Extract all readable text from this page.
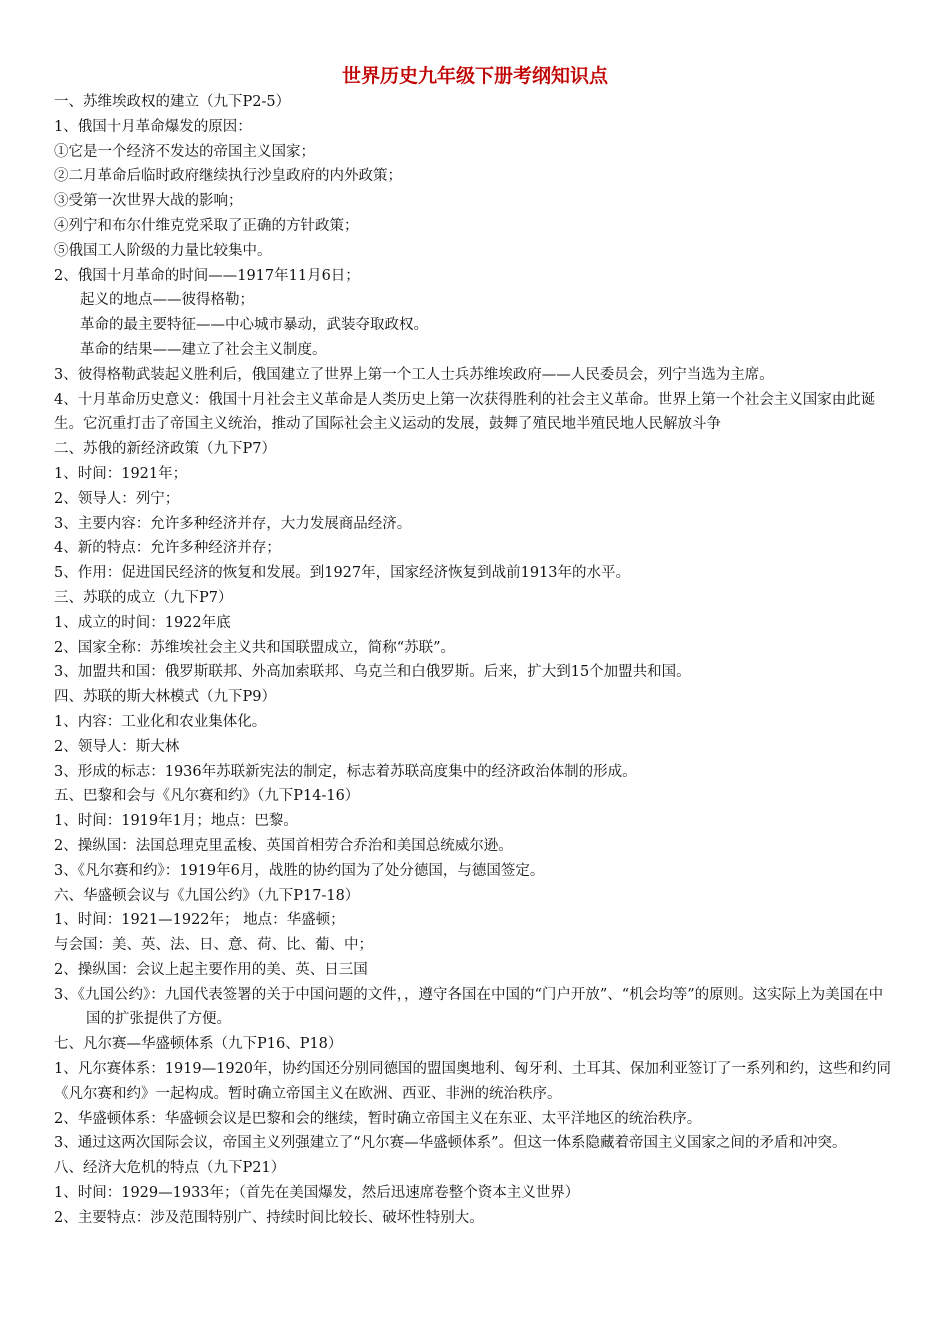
世界历史九年级下册考纲知识点

一、苏维埃政权的建立（九下P2-5）

1、俄国十月革命爆发的原因：

①它是一个经济不发达的帝国主义国家；

②二月革命后临时政府继续执行沙皇政府的内外政策；

③受第一次世界大战的影响；

④列宁和布尔什维克党采取了正确的方针政策；

⑤俄国工人阶级的力量比较集中。

2、俄国十月革命的时间——1917年11月6日；

起义的地点——彼得格勒；

革命的最主要特征——中心城市暴动，武装夺取政权。

革命的结果——建立了社会主义制度。

3、彼得格勒武装起义胜利后，俄国建立了世界上第一个工人士兵苏维埃政府——人民委员会，列宁当选为主席。

4、十月革命历史意义：俄国十月社会主义革命是人类历史上第一次获得胜利的社会主义革命。世界上第一个社会主义国家由此诞生。它沉重打击了帝国主义统治，推动了国际社会主义运动的发展，鼓舞了殖民地半殖民地人民解放斗争

二、苏俄的新经济政策（九下P7）

1、时间：1921年；

2、领导人：列宁；

3、主要内容：允许多种经济并存，大力发展商品经济。

4、新的特点：允许多种经济并存；

5、作用：促进国民经济的恢复和发展。到1927年，国家经济恢复到战前1913年的水平。

三、苏联的成立（九下P7）

1、成立的时间：1922年底

2、国家全称：苏维埃社会主义共和国联盟成立，简称“苏联”。

3、加盟共和国：俄罗斯联邦、外高加索联邦、乌克兰和白俄罗斯。后来，扩大到15个加盟共和国。

四、苏联的斯大林模式（九下P9）

1、内容：工业化和农业集体化。

2、领导人：斯大林

3、形成的标志：1936年苏联新宪法的制定，标志着苏联高度集中的经济政治体制的形成。

五、巴黎和会与《凡尔赛和约》（九下P14-16）

1、时间：1919年1月；地点：巴黎。

2、操纵国：法国总理克里孟梭、英国首相劳合乔治和美国总统威尔逊。

3、《凡尔赛和约》：1919年6月，战胜的协约国为了处分德国，与德国签定。

六、华盛顿会议与《九国公约》（九下P17-18）

1、时间：1921—1922年； 地点：华盛顿；

与会国：美、英、法、日、意、荷、比、葡、中；

2、操纵国：会议上起主要作用的美、英、日三国

3、《九国公约》：九国代表签署的关于中国问题的文件，，遵守各国在中国的“门户开放”、“机会均等”的原则。这实际上为美国在中国的扩张提供了方便。

七、凡尔赛—华盛顿体系（九下P16、P18）

1、凡尔赛体系：1919—1920年，协约国还分别同德国的盟国奥地利、匈牙利、土耳其、保加利亚签订了一系列和约，这些和约同《凡尔赛和约》一起构成。暂时确立帝国主义在欧洲、西亚、非洲的统治秩序。

2、华盛顿体系：华盛顿会议是巴黎和会的继续，暂时确立帝国主义在东亚、太平洋地区的统治秩序。

3、通过这两次国际会议，帝国主义列强建立了“凡尔赛—华盛顿体系”。但这一体系隐藏着帝国主义国家之间的矛盾和冲突。

八、经济大危机的特点（九下P21）

1、时间：1929—1933年；（首先在美国爆发，然后迅速席卷整个资本主义世界）

2、主要特点：涉及范围特别广、持续时间比较长、破坏性特别大。
